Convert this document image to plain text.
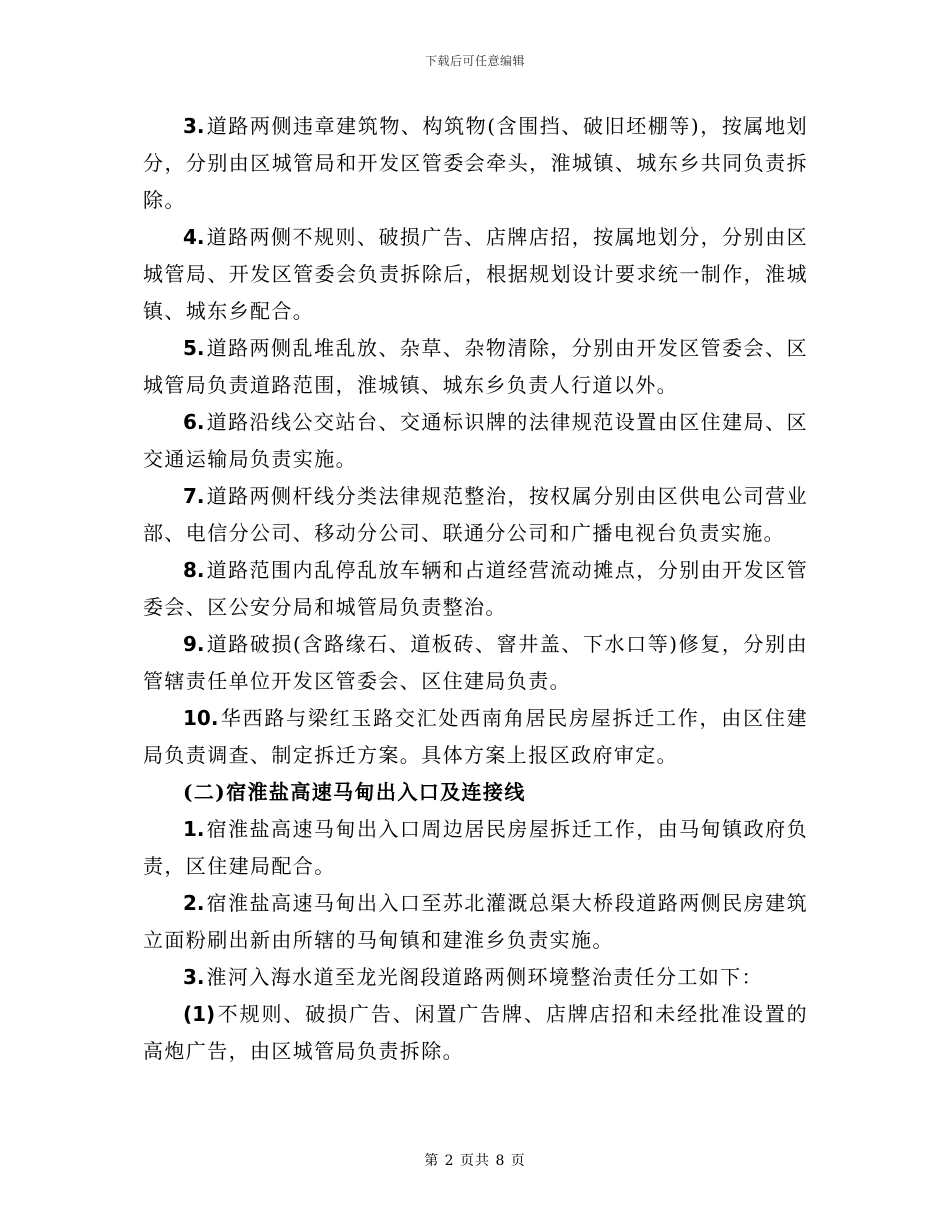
下载后可任意编辑

3. 道路两侧违章建筑物、构筑物(含围挡、破旧坯棚等)，按属地划分，分别由区城管局和开发区管委会牵头，淮城镇、城东乡共同负责拆除。

4. 道路两侧不规则、破损广告、店牌店招，按属地划分，分别由区城管局、开发区管委会负责拆除后，根据规划设计要求统一制作，淮城镇、城东乡配合。

5. 道路两侧乱堆乱放、杂草、杂物清除，分别由开发区管委会、区城管局负责道路范围，淮城镇、城东乡负责人行道以外。

6. 道路沿线公交站台、交通标识牌的法律规范设置由区住建局、区交通运输局负责实施。

7. 道路两侧杆线分类法律规范整治，按权属分别由区供电公司营业部、电信分公司、移动分公司、联通分公司和广播电视台负责实施。

8. 道路范围内乱停乱放车辆和占道经营流动摊点，分别由开发区管委会、区公安分局和城管局负责整治。

9. 道路破损(含路缘石、道板砖、窨井盖、下水口等)修复，分别由管辖责任单位开发区管委会、区住建局负责。

10. 华西路与梁红玉路交汇处西南角居民房屋拆迁工作，由区住建局负责调查、制定拆迁方案。具体方案上报区政府审定。

(二)宿淮盐高速马甸出入口及连接线

1. 宿淮盐高速马甸出入口周边居民房屋拆迁工作，由马甸镇政府负责，区住建局配合。

2. 宿淮盐高速马甸出入口至苏北灌溉总渠大桥段道路两侧民房建筑立面粉刷出新由所辖的马甸镇和建淮乡负责实施。

3. 淮河入海水道至龙光阁段道路两侧环境整治责任分工如下：

(1) 不规则、破损广告、闲置广告牌、店牌店招和未经批准设置的高炮广告，由区城管局负责拆除。

第 2 页共 8 页
